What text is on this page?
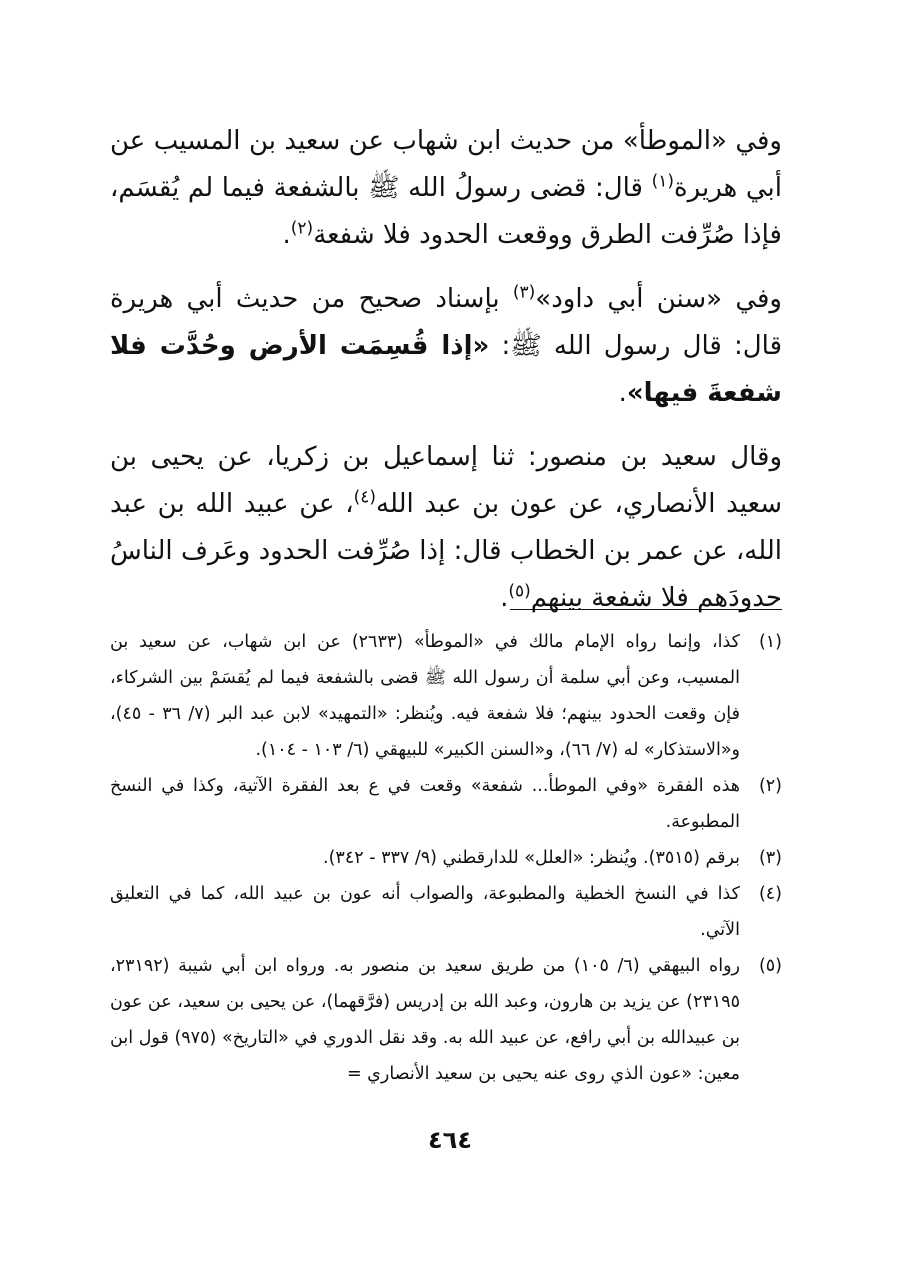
وفي «الموطأ» من حديث ابن شهاب عن سعيد بن المسيب عن أبي هريرة$^{(١)}$ قال: قضى رسولُ الله ﷺ بالشفعة فيما لم يُقسَم، فإذا صُرِّفت الطرق ووقعت الحدود فلا شفعة$^{(٢)}$.

وفي «سنن أبي داود»$^{(٣)}$ بإسناد صحيح من حديث أبي هريرة قال: قال رسول الله ﷺ: «إذا قُسِمَت الأرض وحُدَّت فلا شفعةَ فيها».

وقال سعيد بن منصور: ثنا إسماعيل بن زكريا، عن يحيى بن سعيد الأنصاري، عن عون بن عبد الله$^{(٤)}$، عن عبيد الله بن عبد الله، عن عمر بن الخطاب قال: إذا صُرِّفت الحدود وعَرف الناسُ حدودَهم فلا شفعة بينهم$^{(٥)}$.

(١)
كذا، وإنما رواه الإمام مالك في «الموطأ» (٢٦٣٣) عن ابن شهاب، عن سعيد بن المسيب، وعن أبي سلمة أن رسول الله ﷺ قضى بالشفعة فيما لم يُقسَمْ بين الشركاء، فإن وقعت الحدود بينهم؛ فلا شفعة فيه. ويُنظر: «التمهيد» لابن عبد البر (٧/ ٣٦ - ٤٥)، و«الاستذكار» له (٧/ ٦٦)، و«السنن الكبير» للبيهقي (٦/ ١٠٣ - ١٠٤).
(٢)
هذه الفقرة «وفي الموطأ... شفعة» وقعت في ع بعد الفقرة الآتية، وكذا في النسخ المطبوعة.
(٣)
برقم (٣٥١٥). ويُنظر: «العلل» للدارقطني (٩/ ٣٣٧ - ٣٤٢).
(٤)
كذا في النسخ الخطية والمطبوعة، والصواب أنه عون بن عبيد الله، كما في التعليق الآتي.
(٥)
رواه البيهقي (٦/ ١٠٥) من طريق سعيد بن منصور به. ورواه ابن أبي شيبة (٢٣١٩٢، ٢٣١٩٥) عن يزيد بن هارون، وعبد الله بن إدريس (فرَّقهما)، عن يحيى بن سعيد، عن عون بن عبيدالله بن أبي رافع، عن عبيد الله به. وقد نقل الدوري في «التاريخ» (٩٧٥) قول ابن معين: «عون الذي روى عنه يحيى بن سعيد الأنصاري =
٤٦٤
